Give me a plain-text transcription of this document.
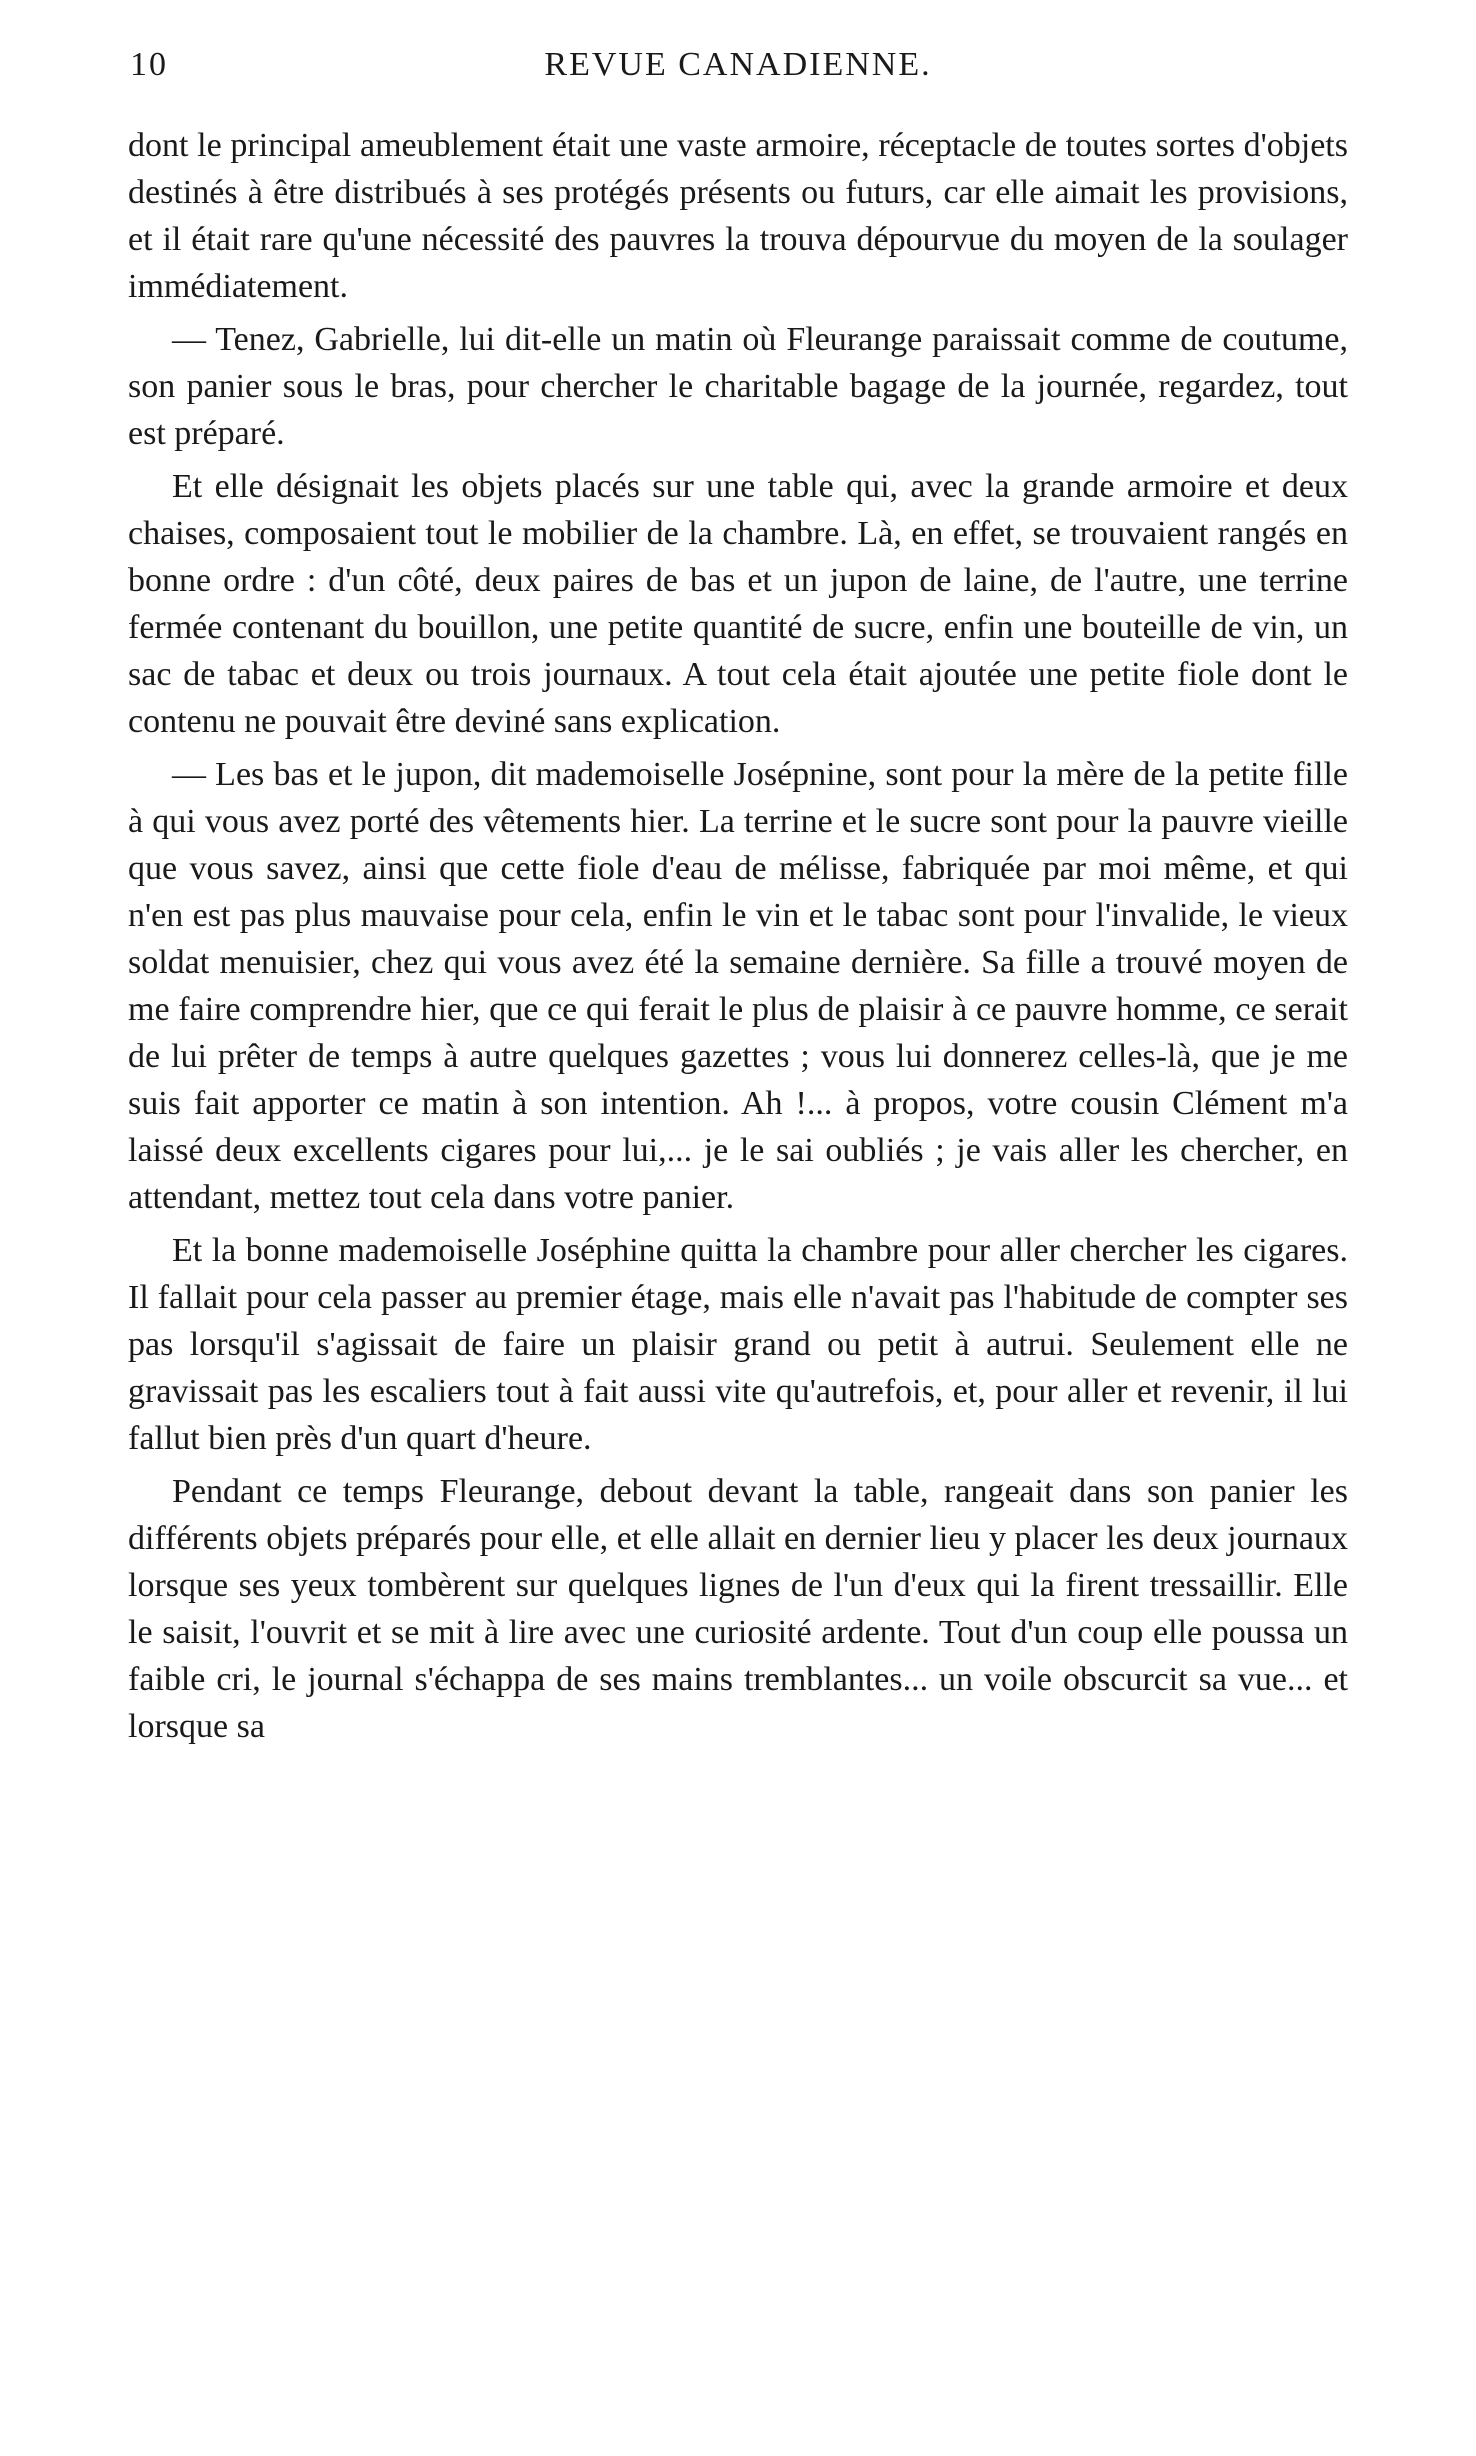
10	REVUE CANADIENNE.

dont le principal ameublement était une vaste armoire, réceptacle de toutes sortes d'objets destinés à être distribués à ses protégés présents ou futurs, car elle aimait les provisions, et il était rare qu'une nécessité des pauvres la trouva dépourvue du moyen de la soulager immédiatement.

— Tenez, Gabrielle, lui dit-elle un matin où Fleurange paraissait comme de coutume, son panier sous le bras, pour chercher le charitable bagage de la journée, regardez, tout est préparé.

Et elle désignait les objets placés sur une table qui, avec la grande armoire et deux chaises, composaient tout le mobilier de la chambre. Là, en effet, se trouvaient rangés en bonne ordre : d'un côté, deux paires de bas et un jupon de laine, de l'autre, une terrine fermée contenant du bouillon, une petite quantité de sucre, enfin une bouteille de vin, un sac de tabac et deux ou trois journaux. A tout cela était ajoutée une petite fiole dont le contenu ne pouvait être deviné sans explication.

— Les bas et le jupon, dit mademoiselle Josépnine, sont pour la mère de la petite fille à qui vous avez porté des vêtements hier. La terrine et le sucre sont pour la pauvre vieille que vous savez, ainsi que cette fiole d'eau de mélisse, fabriquée par moi même, et qui n'en est pas plus mauvaise pour cela, enfin le vin et le tabac sont pour l'invalide, le vieux soldat menuisier, chez qui vous avez été la semaine dernière. Sa fille a trouvé moyen de me faire comprendre hier, que ce qui ferait le plus de plaisir à ce pauvre homme, ce serait de lui prêter de temps à autre quelques gazettes ; vous lui donnerez celles-là, que je me suis fait apporter ce matin à son intention. Ah !... à propos, votre cousin Clément m'a laissé deux excellents cigares pour lui,... je le sai oubliés ; je vais aller les chercher, en attendant, mettez tout cela dans votre panier.

Et la bonne mademoiselle Joséphine quitta la chambre pour aller chercher les cigares. Il fallait pour cela passer au premier étage, mais elle n'avait pas l'habitude de compter ses pas lorsqu'il s'agissait de faire un plaisir grand ou petit à autrui. Seulement elle ne gravissait pas les escaliers tout à fait aussi vite qu'autrefois, et, pour aller et revenir, il lui fallut bien près d'un quart d'heure.

Pendant ce temps Fleurange, debout devant la table, rangeait dans son panier les différents objets préparés pour elle, et elle allait en dernier lieu y placer les deux journaux lorsque ses yeux tombèrent sur quelques lignes de l'un d'eux qui la firent tressaillir. Elle le saisit, l'ouvrit et se mit à lire avec une curiosité ardente. Tout d'un coup elle poussa un faible cri, le journal s'échappa de ses mains tremblantes... un voile obscurcit sa vue... et lorsque sa
